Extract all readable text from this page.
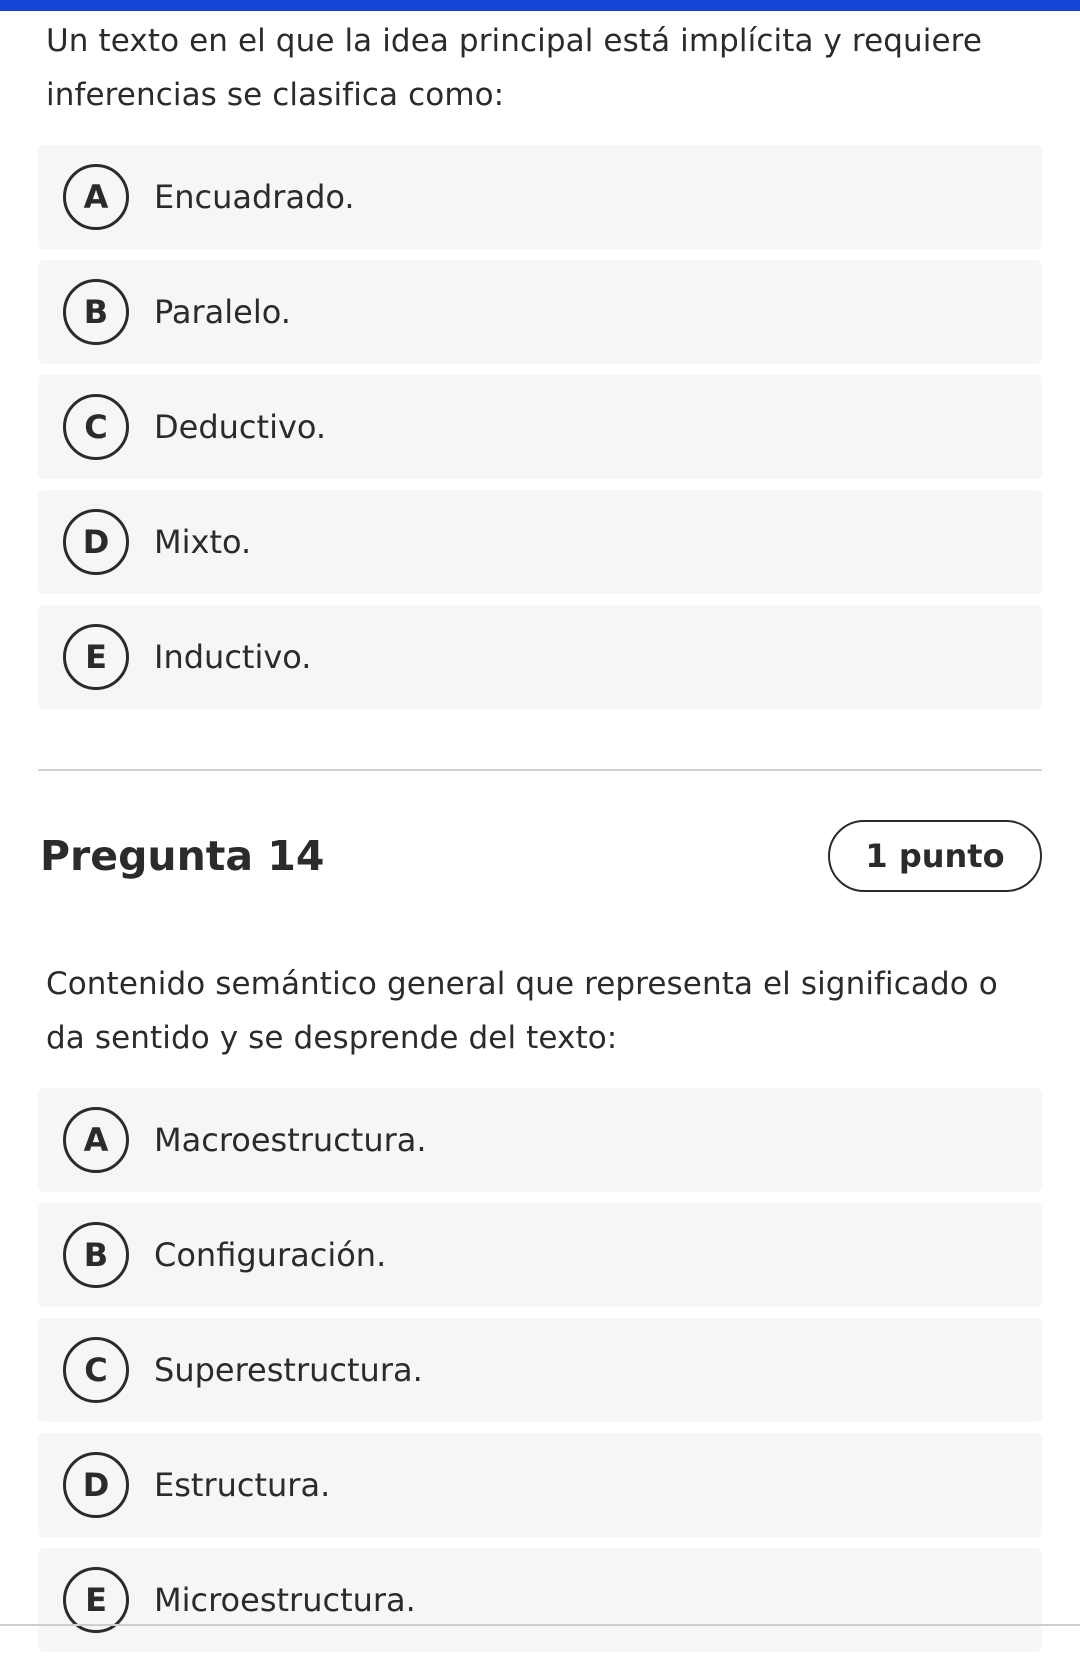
Un texto en el que la idea principal está implícita y requiere
inferencias se clasifica como:
A	Encuadrado.
B	Paralelo.
C	Deductivo.
D	Mixto.
E	Inductivo.
Pregunta 14	1 punto
Contenido semántico general que representa el significado o
da sentido y se desprende del texto:
A	Macroestructura.
B	Configuración.
C	Superestructura.
D	Estructura.
E	Microestructura.
